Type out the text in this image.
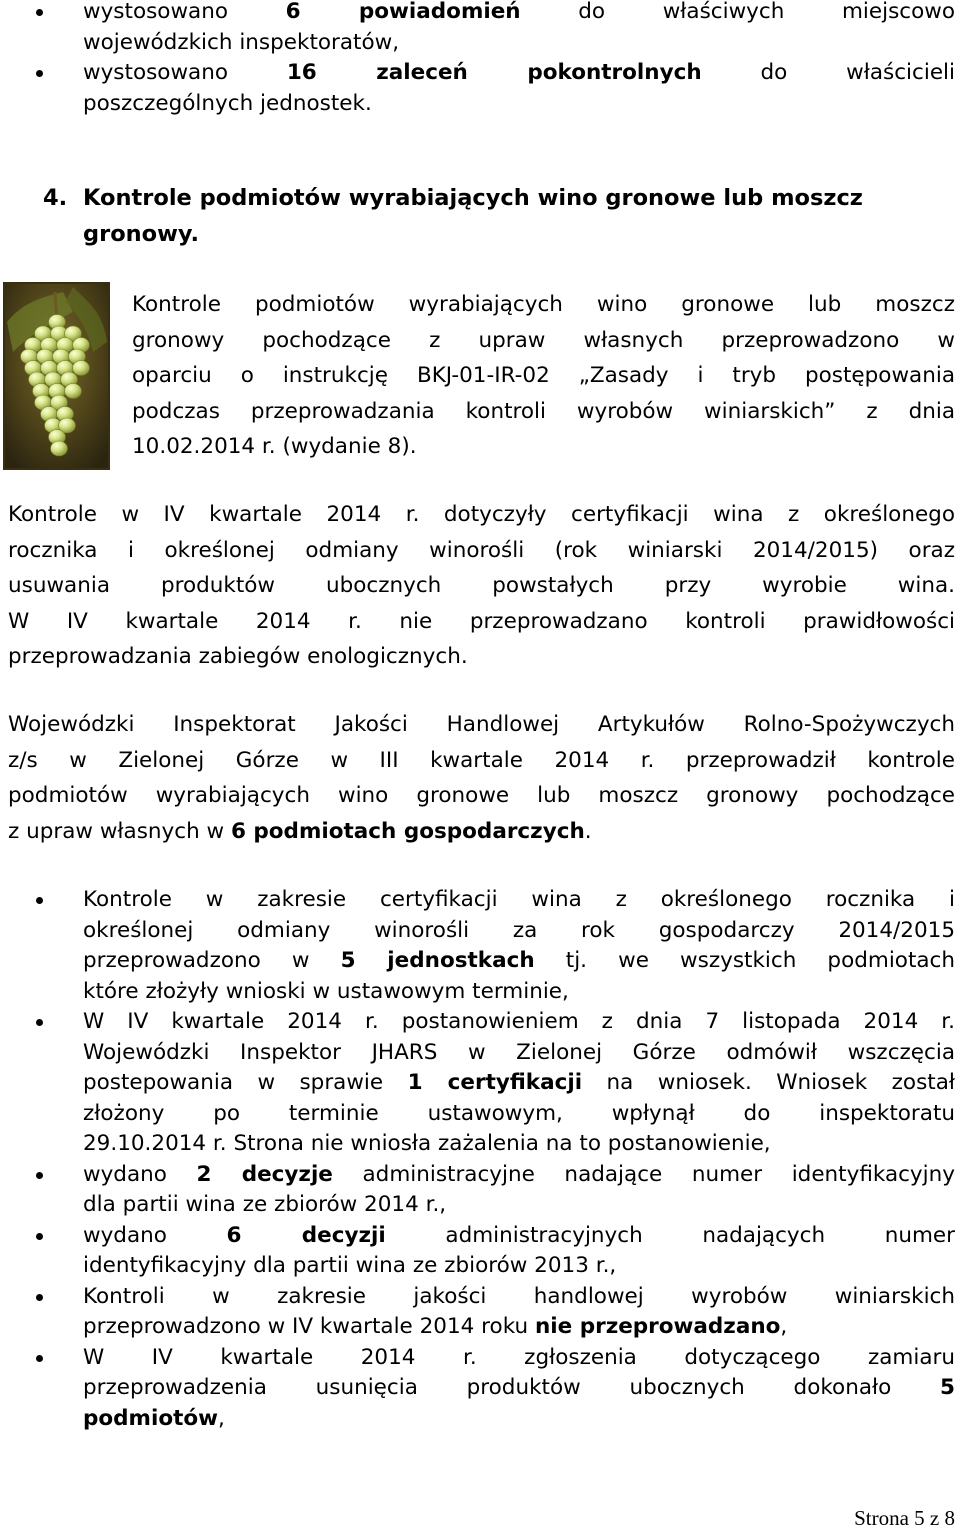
wystosowano 6 powiadomień do właściwych miejscowo
wojewódzkich inspektoratów,
wystosowano 16 zaleceń pokontrolnych do właścicieli
poszczególnych jednostek.
4. Kontrole podmiotów wyrabiających wino gronowe lub moszcz
gronowy.
Kontrole podmiotów wyrabiających wino gronowe lub moszcz
gronowy pochodzące z upraw własnych przeprowadzono w
oparciu o instrukcję BKJ-01-IR-02 „Zasady i tryb postępowania
podczas przeprowadzania kontroli wyrobów winiarskich” z dnia
10.02.2014 r. (wydanie 8).
Kontrole w IV kwartale 2014 r. dotyczyły certyfikacji wina z określonego
rocznika i określonej odmiany winorośli (rok winiarski 2014/2015) oraz
usuwania produktów ubocznych powstałych przy wyrobie wina.
W IV kwartale 2014 r. nie przeprowadzano kontroli prawidłowości
przeprowadzania zabiegów enologicznych.
Wojewódzki Inspektorat Jakości Handlowej Artykułów Rolno-Spożywczych
z/s w Zielonej Górze w III kwartale 2014 r. przeprowadził kontrole
podmiotów wyrabiających wino gronowe lub moszcz gronowy pochodzące
z upraw własnych w 6 podmiotach gospodarczych.
Kontrole w zakresie certyfikacji wina z określonego rocznika i
określonej odmiany winorośli za rok gospodarczy 2014/2015
przeprowadzono w 5 jednostkach tj. we wszystkich podmiotach
które złożyły wnioski w ustawowym terminie,
W IV kwartale 2014 r. postanowieniem z dnia 7 listopada 2014 r.
Wojewódzki Inspektor JHARS w Zielonej Górze odmówił wszczęcia
postepowania w sprawie 1 certyfikacji na wniosek. Wniosek został
złożony po terminie ustawowym, wpłynął do inspektoratu
29.10.2014 r. Strona nie wniosła zażalenia na to postanowienie,
wydano 2 decyzje administracyjne nadające numer identyfikacyjny
dla partii wina ze zbiorów 2014 r.,
wydano 6 decyzji administracyjnych nadających numer
identyfikacyjny dla partii wina ze zbiorów 2013 r.,
Kontroli w zakresie jakości handlowej wyrobów winiarskich
przeprowadzono w IV kwartale 2014 roku nie przeprowadzano,
W IV kwartale 2014 r. zgłoszenia dotyczącego zamiaru
przeprowadzenia usunięcia produktów ubocznych dokonało 5
podmiotów,
Strona 5 z 8
